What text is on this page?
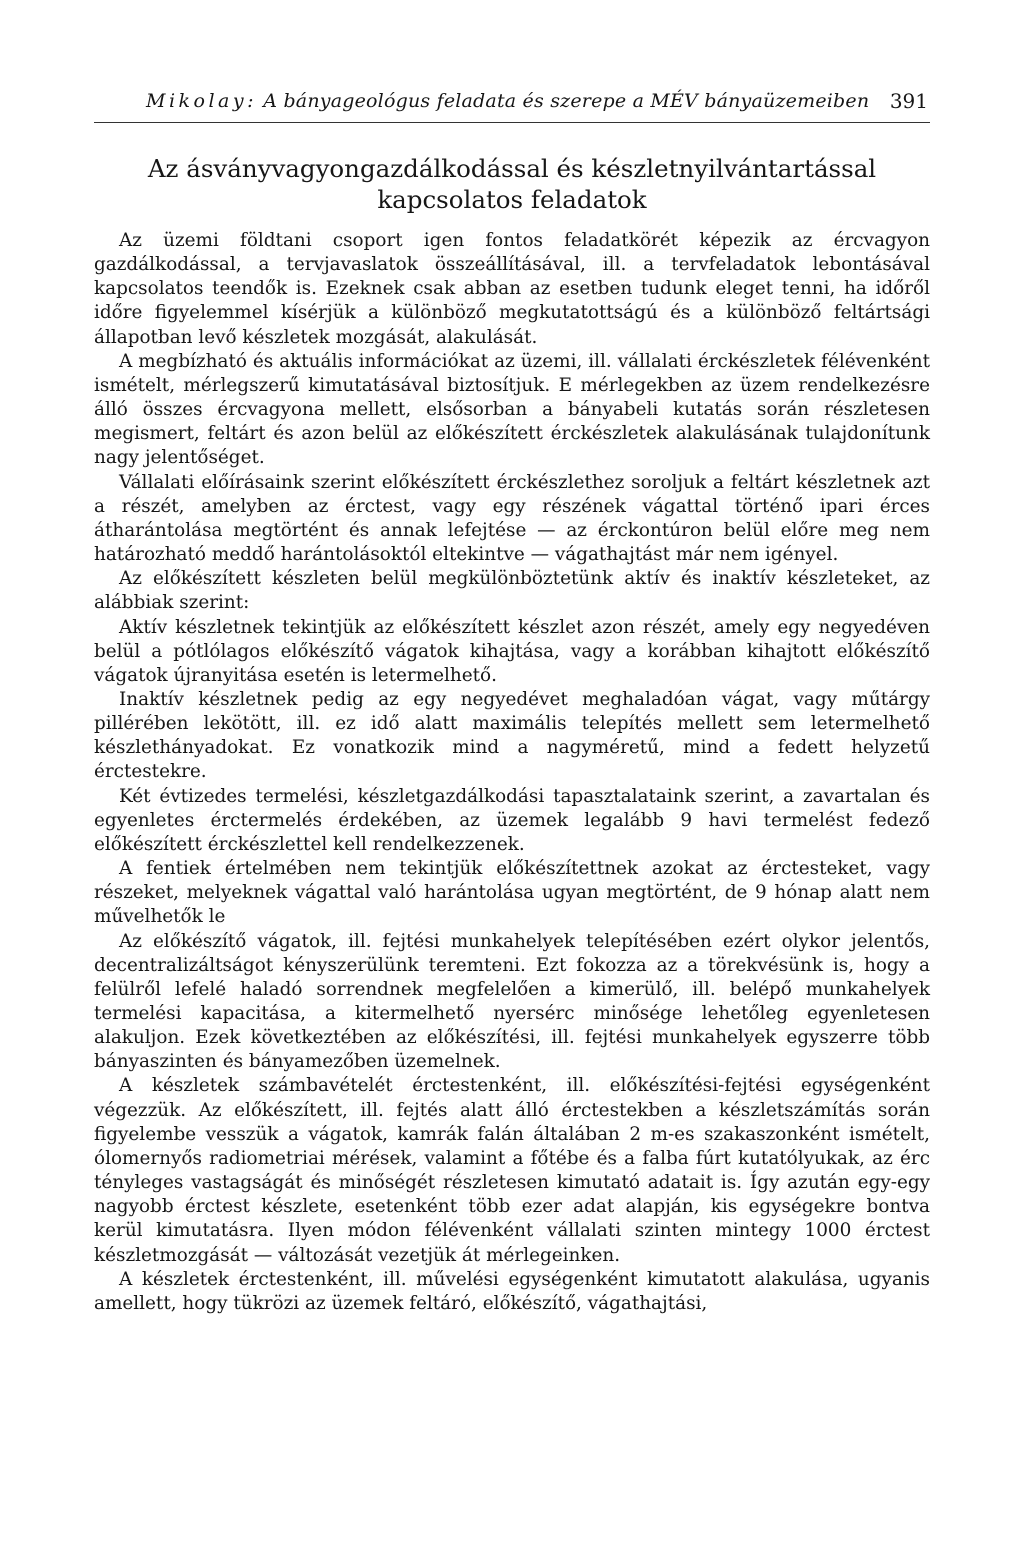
Mikolay: A bányageológus feladata és szerepe a MÉV bányaüzemeiben 391
Az ásványvagyongazdálkodással és készletnyilvántartással
kapcsolatos feladatok

Az üzemi földtani csoport igen fontos feladatkörét képezik az ércvagyon gazdálkodással, a tervjavaslatok összeállításával, ill. a tervfeladatok lebontásával kapcsolatos teendők is. Ezeknek csak abban az esetben tudunk eleget tenni, ha időről időre figyelemmel kísérjük a különböző megkutatottságú és a különböző feltártsági állapotban levő készletek mozgását, alakulását.

A megbízható és aktuális információkat az üzemi, ill. vállalati érckészletek félévenként ismételt, mérlegszerű kimutatásával biztosítjuk. E mérlegekben az üzem rendelkezésre álló összes ércvagyona mellett, elsősorban a bányabeli kutatás során részletesen megismert, feltárt és azon belül az előkészített érckészletek alakulásának tulajdonítunk nagy jelentőséget.

Vállalati előírásaink szerint előkészített érckészlethez soroljuk a feltárt készletnek azt a részét, amelyben az érctest, vagy egy részének vágattal történő ipari érces átharántolása megtörtént és annak lefejtése — az érckontúron belül előre meg nem határozható meddő harántolásoktól eltekintve — vágathajtást már nem igényel.

Az előkészített készleten belül megkülönböztetünk aktív és inaktív készleteket, az alábbiak szerint:

Aktív készletnek tekintjük az előkészített készlet azon részét, amely egy negyedéven belül a pótlólagos előkészítő vágatok kihajtása, vagy a korábban kihajtott előkészítő vágatok újranyitása esetén is letermelhető.

Inaktív készletnek pedig az egy negyedévet meghaladóan vágat, vagy műtárgy pillérében lekötött, ill. ez idő alatt maximális telepítés mellett sem letermelhető készlethányadokat. Ez vonatkozik mind a nagyméretű, mind a fedett helyzetű érctestekre.

Két évtizedes termelési, készletgazdálkodási tapasztalataink szerint, a zavartalan és egyenletes érctermelés érdekében, az üzemek legalább 9 havi termelést fedező előkészített érckészlettel kell rendelkezzenek.

A fentiek értelmében nem tekintjük előkészítettnek azokat az érctesteket, vagy részeket, melyeknek vágattal való harántolása ugyan megtörtént, de 9 hónap alatt nem művelhetők le

Az előkészítő vágatok, ill. fejtési munkahelyek telepítésében ezért olykor jelentős, decentralizáltságot kényszerülünk teremteni. Ezt fokozza az a törekvésünk is, hogy a felülről lefelé haladó sorrendnek megfelelően a kimerülő, ill. belépő munkahelyek termelési kapacitása, a kitermelhető nyersérc minősége lehetőleg egyenletesen alakuljon. Ezek következtében az előkészítési, ill. fejtési munkahelyek egyszerre több bányaszinten és bányamezőben üzemelnek.

A készletek számbavételét érctestenként, ill. előkészítési-fejtési egységenként végezzük. Az előkészített, ill. fejtés alatt álló érctestekben a készletszámítás során figyelembe vesszük a vágatok, kamrák falán általában 2 m-es szakaszonként ismételt, ólomernyős radiometriai mérések, valamint a főtébe és a falba fúrt kutatólyukak, az érc tényleges vastagságát és minőségét részletesen kimutató adatait is. Így azután egy-egy nagyobb érctest készlete, esetenként több ezer adat alapján, kis egységekre bontva kerül kimutatásra. Ilyen módon félévenként vállalati szinten mintegy 1000 érctest készletmozgását — változását vezetjük át mérlegeinken.

A készletek érctestenként, ill. művelési egységenként kimutatott alakulása, ugyanis amellett, hogy tükrözi az üzemek feltáró, előkészítő, vágathajtási,
